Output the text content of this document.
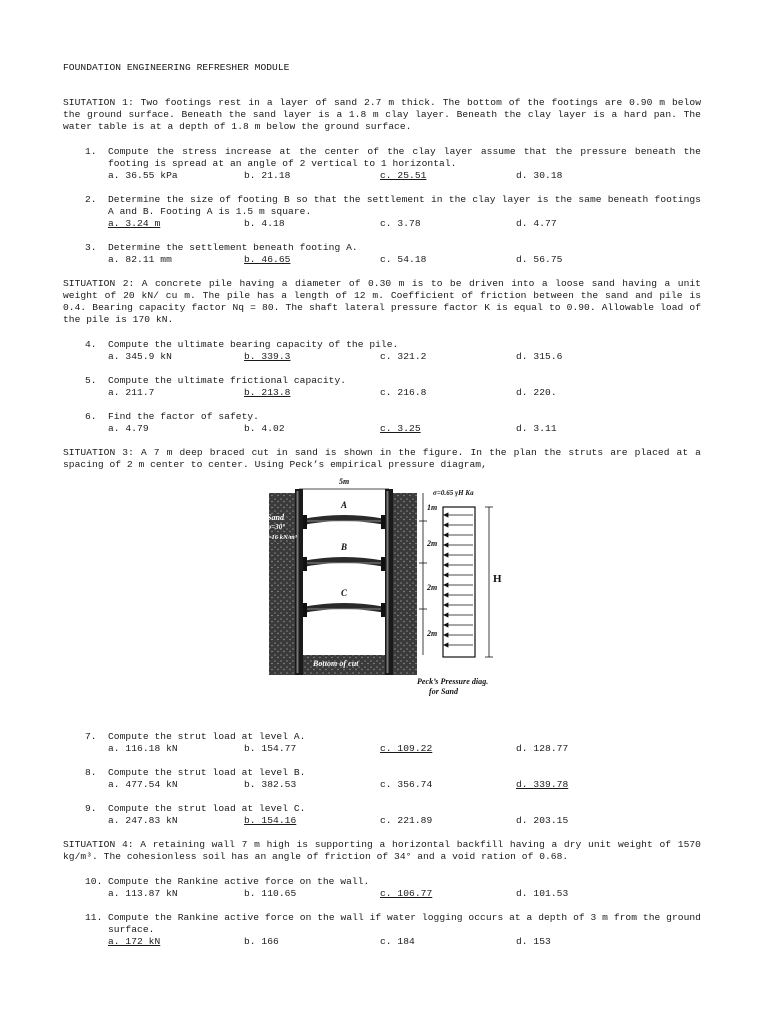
FOUNDATION ENGINEERING REFRESHER MODULE
SIUTATION 1: Two footings rest in a layer of sand 2.7 m thick. The bottom of the footings are 0.90 m below the ground surface. Beneath the sand layer is a 1.8 m clay layer. Beneath the clay layer is a hard pan. The water table is at a depth of 1.8 m below the ground surface.
1. Compute the stress increase at the center of the clay layer assume that the pressure beneath the footing is spread at an angle of 2 vertical to 1 horizontal.
a. 36.55 kPa	b. 21.18	c. 25.51	d. 30.18
2. Determine the size of footing B so that the settlement in the clay layer is the same beneath footings A and B. Footing A is 1.5 m square.
a. 3.24 m	b. 4.18	c. 3.78	d. 4.77
3. Determine the settlement beneath footing A.
a. 82.11 mm	b. 46.65	c. 54.18	d. 56.75
SITUATION 2: A concrete pile having a diameter of 0.30 m is to be driven into a loose sand having a unit weight of 20 kN/ cu m. The pile has a length of 12 m. Coefficient of friction between the sand and pile is 0.4. Bearing capacity factor Nq = 80. The shaft lateral pressure factor K is equal to 0.90. Allowable load of the pile is 170 kN.
4. Compute the ultimate bearing capacity of the pile.
a. 345.9 kN	b. 339.3	c. 321.2	d. 315.6
5. Compute the ultimate frictional capacity.
a. 211.7	b. 213.8	c. 216.8	d. 220.
6. Find the factor of safety.
a. 4.79	b. 4.02	c. 3.25	d. 3.11
SITUATION 3: A 7 m deep braced cut in sand is shown in the figure. In the plan the struts are placed at a spacing of 2 m center to center. Using Peck’s empirical pressure diagram,
5m
σ=0.65 γH Ka
Sand
φ=30°
γ=16 kN/m³
A
B
C
1m
2m
2m
2m
H
Bottom of cut
Peck’s Pressure diag.
for Sand
7. Compute the strut load at level A.
a. 116.18 kN	b. 154.77	c. 109.22	d. 128.77
8. Compute the strut load at level B.
a. 477.54 kN	b. 382.53	c. 356.74	d. 339.78
9. Compute the strut load at level C.
a. 247.83 kN	b. 154.16	c. 221.89	d. 203.15
SITUATION 4: A retaining wall 7 m high is supporting a horizontal backfill having a dry unit weight of 1570 kg/m³. The cohesionless soil has an angle of friction of 34° and a void ration of 0.68.
10. Compute the Rankine active force on the wall.
a. 113.87 kN	b. 110.65	c. 106.77	d. 101.53
11. Compute the Rankine active force on the wall if water logging occurs at a depth of 3 m from the ground surface.
a. 172 kN	b. 166	c. 184	d. 153
